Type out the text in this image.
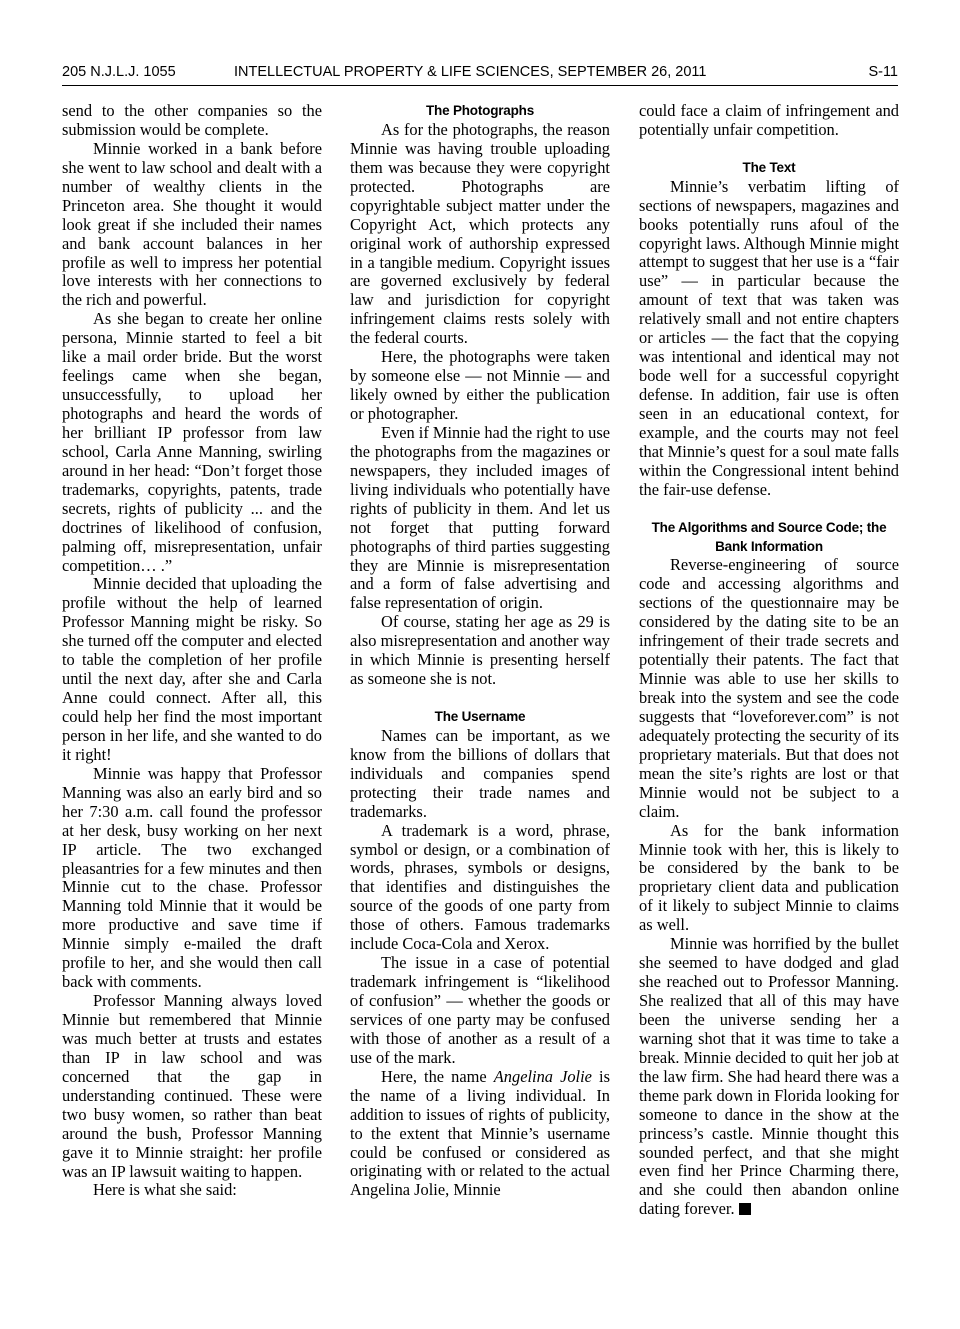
205 N.J.L.J. 1055	INTELLECTUAL PROPERTY & LIFE SCIENCES, SEPTEMBER 26, 2011	S-11

send to the other companies so the submission would be complete.

Minnie worked in a bank before she went to law school and dealt with a number of wealthy clients in the Princeton area. She thought it would look great if she included their names and bank account balances in her profile as well to impress her potential love interests with her connections to the rich and powerful.

As she began to create her online persona, Minnie started to feel a bit like a mail order bride. But the worst feelings came when she began, unsuccessfully, to upload her photographs and heard the words of her brilliant IP professor from law school, Carla Anne Manning, swirling around in her head: “Don’t forget those trademarks, copyrights, patents, trade secrets, rights of publicity ... and the doctrines of likelihood of confusion, palming off, misrepresentation, unfair competition… .”

Minnie decided that uploading the profile without the help of learned Professor Manning might be risky. So she turned off the computer and elected to table the completion of her profile until the next day, after she and Carla Anne could connect. After all, this could help her find the most important person in her life, and she wanted to do it right!

Minnie was happy that Professor Manning was also an early bird and so her 7:30 a.m. call found the professor at her desk, busy working on her next IP article. The two exchanged pleasantries for a few minutes and then Minnie cut to the chase. Professor Manning told Minnie that it would be more productive and save time if Minnie simply e-mailed the draft profile to her, and she would then call back with comments.

Professor Manning always loved Minnie but remembered that Minnie was much better at trusts and estates than IP in law school and was concerned that the gap in understanding continued. These were two busy women, so rather than beat around the bush, Professor Manning gave it to Minnie straight: her profile was an IP lawsuit waiting to happen.

Here is what she said:

The Photographs

As for the photographs, the reason Minnie was having trouble uploading them was because they were copyright protected. Photographs are copyrightable subject matter under the Copyright Act, which protects any original work of authorship expressed in a tangible medium. Copyright issues are governed exclusively by federal law and jurisdiction for copyright infringement claims rests solely with the federal courts.

Here, the photographs were taken by someone else — not Minnie — and likely owned by either the publication or photographer.

Even if Minnie had the right to use the photographs from the magazines or newspapers, they included images of living individuals who potentially have rights of publicity in them. And let us not forget that putting forward photographs of third parties suggesting they are Minnie is misrepresentation and a form of false advertising and false representation of origin.

Of course, stating her age as 29 is also misrepresentation and another way in which Minnie is presenting herself as someone she is not.

The Username

Names can be important, as we know from the billions of dollars that individuals and companies spend protecting their trade names and trademarks.

A trademark is a word, phrase, symbol or design, or a combination of words, phrases, symbols or designs, that identifies and distinguishes the source of the goods of one party from those of others. Famous trademarks include Coca-Cola and Xerox.

The issue in a case of potential trademark infringement is “likelihood of confusion” — whether the goods or services of one party may be confused with those of another as a result of a use of the mark.

Here, the name Angelina Jolie is the name of a living individual. In addition to issues of rights of publicity, to the extent that Minnie’s username could be confused or considered as originating with or related to the actual Angelina Jolie, Minnie

could face a claim of infringement and potentially unfair competition.

The Text

Minnie’s verbatim lifting of sections of newspapers, magazines and books potentially runs afoul of the copyright laws. Although Minnie might attempt to suggest that her use is a “fair use” — in particular because the amount of text that was taken was relatively small and not entire chapters or articles — the fact that the copying was intentional and identical may not bode well for a successful copyright defense. In addition, fair use is often seen in an educational context, for example, and the courts may not feel that Minnie’s quest for a soul mate falls within the Congressional intent behind the fair-use defense.

The Algorithms and Source Code; the Bank Information

Reverse-engineering of source code and accessing algorithms and sections of the questionnaire may be considered by the dating site to be an infringement of their trade secrets and potentially their patents. The fact that Minnie was able to use her skills to break into the system and see the code suggests that “loveforever.com” is not adequately protecting the security of its proprietary materials. But that does not mean the site’s rights are lost or that Minnie would not be subject to a claim.

As for the bank information Minnie took with her, this is likely to be considered by the bank to be proprietary client data and publication of it likely to subject Minnie to claims as well.

Minnie was horrified by the bullet she seemed to have dodged and glad she reached out to Professor Manning. She realized that all of this may have been the universe sending her a warning shot that it was time to take a break. Minnie decided to quit her job at the law firm. She had heard there was a theme park down in Florida looking for someone to dance in the show at the princess’s castle. Minnie thought this sounded perfect, and that she might even find her Prince Charming there, and she could then abandon online dating forever.
